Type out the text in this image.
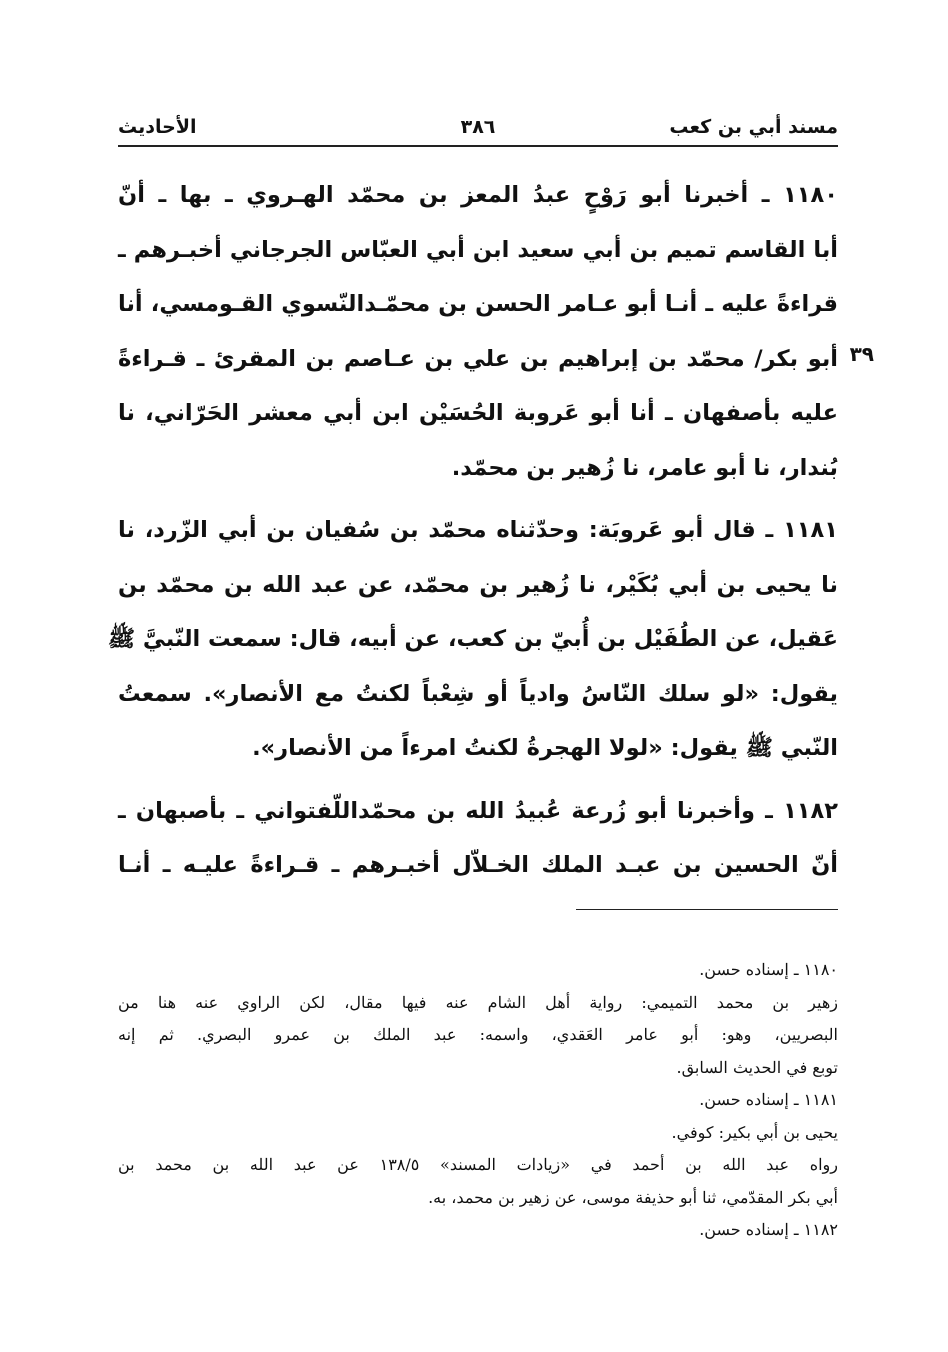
مسند أبي بن كعب
٣٨٦
الأحاديث
٣٩
١١٨٠ ـ أخبرنا أبو رَوْحٍ عبدُ المعز بن محمّد الهـروي ـ بها ـ أنّ
أبا القاسم تميم بن أبي سعيد ابن أبي العبّاس الجرجاني أخبـرهم ـ
قراءةً عليه ـ أنـا أبو عـامر الحسن بن محمّـدالنّسوي القـومسي، أنا
أبو بكر/ محمّد بن إبراهيم بن علي بن عـاصم بن المقرئ ـ قـراءةً
عليه بأصفهان ـ أنا أبو عَروبة الحُسَيْن ابن أبي معشر الحَرّاني، نا
بُندار، نا أبو عامر، نا زُهير بن محمّد.
١١٨١ ـ قال أبو عَروبَة: وحدّثناه محمّد بن سُفيان بن أبي الزّرد، نا
نا يحيى بن أبي بُكَيْر، نا زُهير بن محمّد، عن عبد الله بن محمّد بن
عَقيل، عن الطُفَيْل بن أُبيّ بن كعب، عن أبيه، قال: سمعت النّبيَّ ﷺ
يقول: «لو سلك النّاسُ وادياً أو شِعْباً لكنتُ مع الأنصار». سمعتُ
النّبي ﷺ يقول: «لولا الهجرةُ لكنتُ امرءاً من الأنصار».
١١٨٢ ـ وأخبرنا أبو زُرعة عُبيدُ الله بن محمّداللّفتواني ـ بأصبهان ـ
أنّ الحسين بن عبـد الملك الخـلاّل أخبـرهم ـ قـراءةً عليـه ـ أنـا
١١٨٠ ـ إسناده حسن.
زهير بن محمد التميمي: رواية أهل الشام عنه فيها مقال، لكن الراوي عنه هنا من
البصريين، وهو: أبو عامر العَقدي، واسمه: عبد الملك بن عمرو البصري. ثم إنه
توبع في الحديث السابق.
١١٨١ ـ إسناده حسن.
يحيى بن أبي بكير: كوفي.
رواه عبد الله بن أحمد في «زيادات المسند» ١٣٨/٥ عن عبد الله بن محمد بن
أبي بكر المقدّمي، ثنا أبو حذيفة موسى، عن زهير بن محمد، به.
١١٨٢ ـ إسناده حسن.
